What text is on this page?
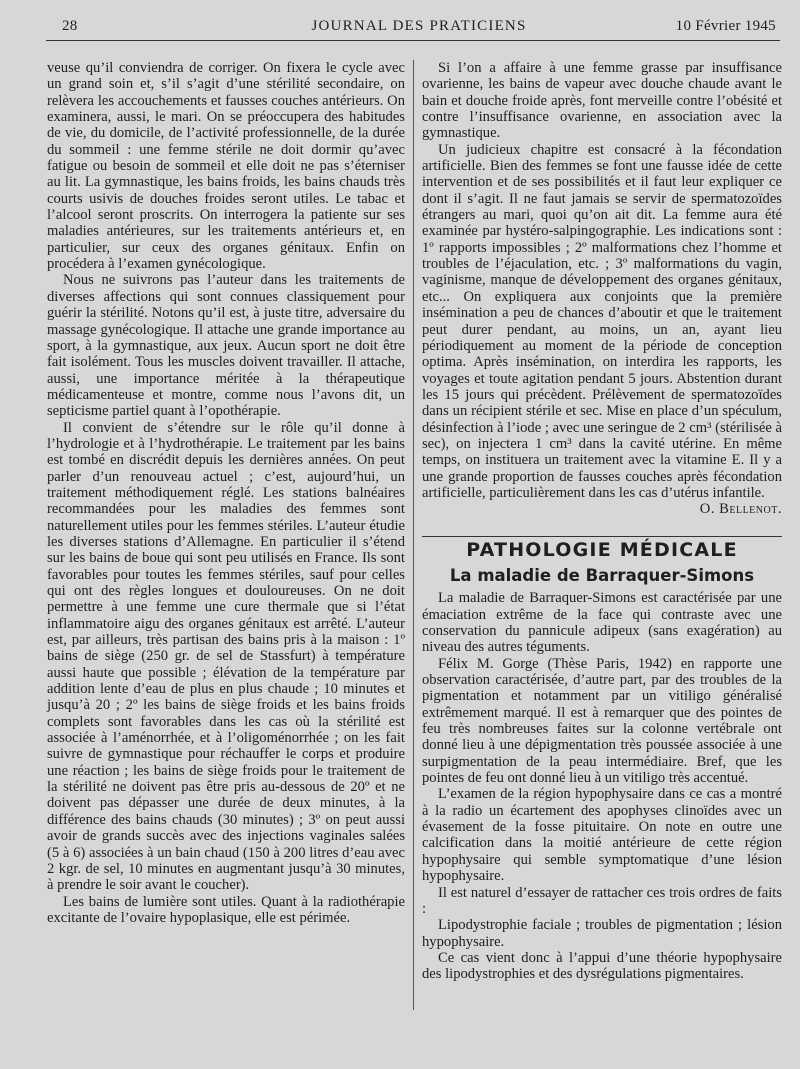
28	JOURNAL DES PRATICIENS	10 Février 1945

veuse qu’il conviendra de corriger. On fixera le cycle avec un grand soin et, s’il s’agit d’une stérilité secondaire, on relèvera les accouchements et fausses couches antérieurs. On examinera, aussi, le mari. On se préoccupera des habitudes de vie, du domicile, de l’activité professionnelle, de la durée du sommeil : une femme stérile ne doit dormir qu’avec fatigue ou besoin de sommeil et elle doit ne pas s’éterniser au lit. La gymnastique, les bains froids, les bains chauds très courts usivis de douches froides seront utiles. Le tabac et l’alcool seront proscrits. On interrogera la patiente sur ses maladies antérieures, sur les traitements antérieurs et, en particulier, sur ceux des organes génitaux. Enfin on procédera à l’examen gynécologique.

Nous ne suivrons pas l’auteur dans les traitements de diverses affections qui sont connues classiquement pour guérir la stérilité. Notons qu’il est, à juste titre, adversaire du massage gynécologique. Il attache une grande importance au sport, à la gymnastique, aux jeux. Aucun sport ne doit être fait isolément. Tous les muscles doivent travailler. Il attache, aussi, une importance méritée à la thérapeutique médicamenteuse et montre, comme nous l’avons dit, un septicisme partiel quant à l’opothérapie.

Il convient de s’étendre sur le rôle qu’il donne à l’hydrologie et à l’hydrothérapie. Le traitement par les bains est tombé en discrédit depuis les dernières années. On peut parler d’un renouveau actuel ; c’est, aujourd’hui, un traitement méthodiquement réglé. Les stations balnéaires recommandées pour les maladies des femmes sont naturellement utiles pour les femmes stériles. L’auteur étudie les diverses stations d’Allemagne. En particulier il s’étend sur les bains de boue qui sont peu utilisés en France. Ils sont favorables pour toutes les femmes stériles, sauf pour celles qui ont des règles longues et douloureuses. On ne doit permettre à une femme une cure thermale que si l’état inflammatoire aigu des organes génitaux est arrêté. L’auteur est, par ailleurs, très partisan des bains pris à la maison : 1º bains de siège (250 gr. de sel de Stassfurt) à température aussi haute que possible ; élévation de la température par addition lente d’eau de plus en plus chaude ; 10 minutes et jusqu’à 20 ; 2º les bains de siège froids et les bains froids complets sont favorables dans les cas où la stérilité est associée à l’aménorrhée, et à l’oligoménorrhée ; on les fait suivre de gymnastique pour réchauffer le corps et produire une réaction ; les bains de siège froids pour le traitement de la stérilité ne doivent pas être pris au-dessous de 20º et ne doivent pas dépasser une durée de deux minutes, à la différence des bains chauds (30 minutes) ; 3º on peut aussi avoir de grands succès avec des injections vaginales salées (5 à 6) associées à un bain chaud (150 à 200 litres d’eau avec 2 kgr. de sel, 10 minutes en augmentant jusqu’à 30 minutes, à prendre le soir avant le coucher).

Les bains de lumière sont utiles. Quant à la radiothérapie excitante de l’ovaire hypoplasique, elle est périmée.

Si l’on a affaire à une femme grasse par insuffisance ovarienne, les bains de vapeur avec douche chaude avant le bain et douche froide après, font merveille contre l’obésité et contre l’insuffisance ovarienne, en association avec la gymnastique.

Un judicieux chapitre est consacré à la fécondation artificielle. Bien des femmes se font une fausse idée de cette intervention et de ses possibilités et il faut leur expliquer ce dont il s’agit. Il ne faut jamais se servir de spermatozoïdes étrangers au mari, quoi qu’on ait dit. La femme aura été examinée par hystéro-salpingographie. Les indications sont : 1º rapports impossibles ; 2º malformations chez l’homme et troubles de l’éjaculation, etc. ; 3º malformations du vagin, vaginisme, manque de développement des organes génitaux, etc... On expliquera aux conjoints que la première insémination a peu de chances d’aboutir et que le traitement peut durer pendant, au moins, un an, ayant lieu périodiquement au moment de la période de conception optima. Après insémination, on interdira les rapports, les voyages et toute agitation pendant 5 jours. Abstention durant les 15 jours qui précèdent. Prélèvement de spermatozoïdes dans un récipient stérile et sec. Mise en place d’un spéculum, désinfection à l’iode ; avec une seringue de 2 cm³ (stérilisée à sec), on injectera 1 cm³ dans la cavité utérine. En même temps, on instituera un traitement avec la vitamine E. Il y a une grande proportion de fausses couches après fécondation artificielle, particulièrement dans les cas d’utérus infantile.

O. Bellenot.

PATHOLOGIE MÉDICALE
La maladie de Barraquer-Simons

La maladie de Barraquer-Simons est caractérisée par une émaciation extrême de la face qui contraste avec une conservation du pannicule adipeux (sans exagération) au niveau des autres téguments.

Félix M. Gorge (Thèse Paris, 1942) en rapporte une observation caractérisée, d’autre part, par des troubles de la pigmentation et notamment par un vitiligo généralisé extrêmement marqué. Il est à remarquer que des pointes de feu très nombreuses faites sur la colonne vertébrale ont donné lieu à une dépigmentation très poussée associée à une surpigmentation de la peau intermédiaire. Bref, que les pointes de feu ont donné lieu à un vitiligo très accentué.

L’examen de la région hypophysaire dans ce cas a montré à la radio un écartement des apophyses clinoïdes avec un évasement de la fosse pituitaire. On note en outre une calcification dans la moitié antérieure de cette région hypophysaire qui semble symptomatique d’une lésion hypophysaire.

Il est naturel d’essayer de rattacher ces trois ordres de faits :

Lipodystrophie faciale ; troubles de pigmentation ; lésion hypophysaire.

Ce cas vient donc à l’appui d’une théorie hypophysaire des lipodystrophies et des dysrégulations pigmentaires.
